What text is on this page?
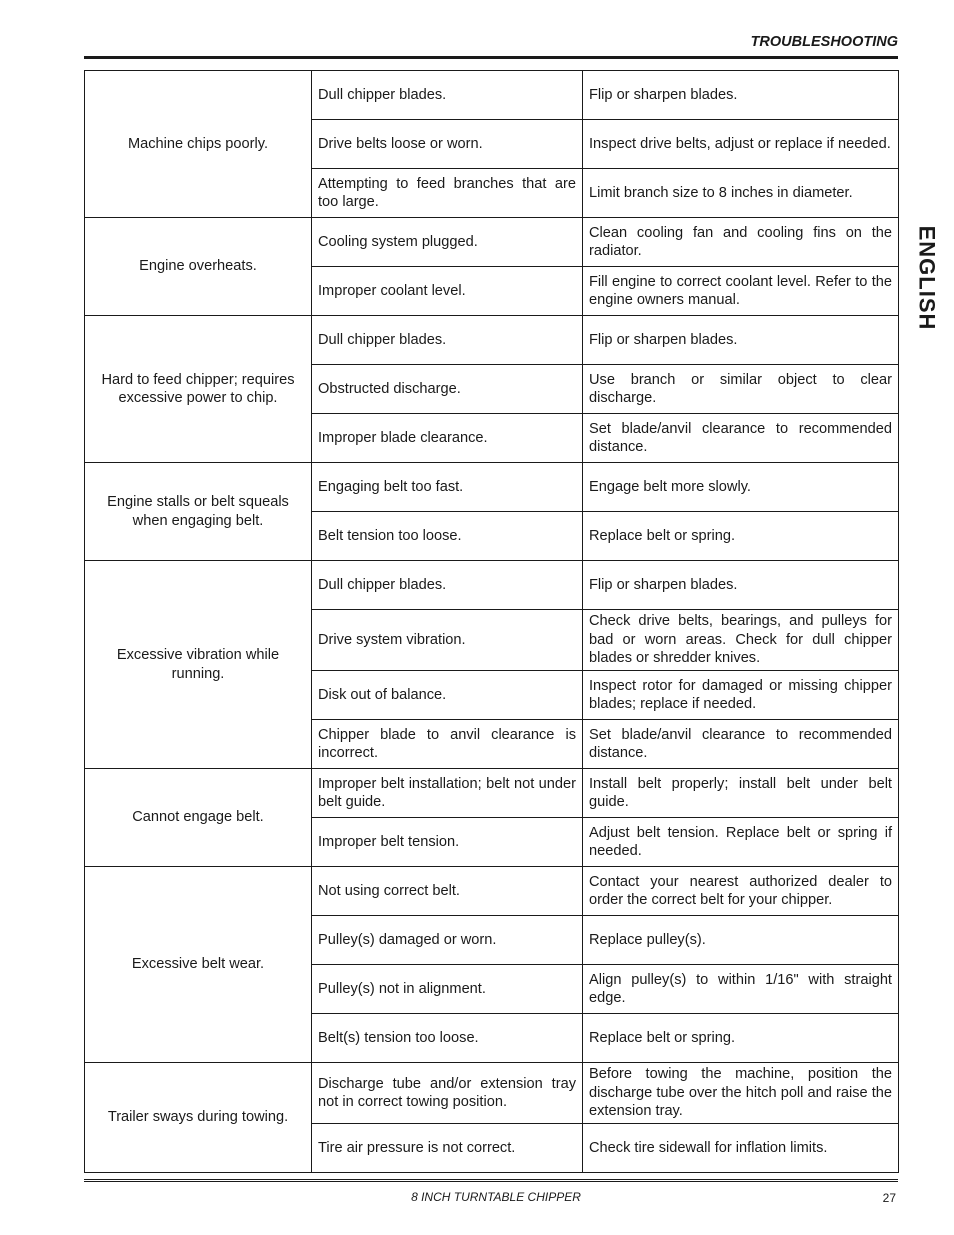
TROUBLESHOOTING
ENGLISH
Machine chips poorly.	Dull chipper blades.	Flip or sharpen blades.
	Drive belts loose or worn.	Inspect drive belts, adjust or replace if needed.
	Attempting to feed branches that are too large.	Limit branch size to 8 inches in diameter.
Engine overheats.	Cooling system plugged.	Clean cooling fan and cooling fins on the radiator.
	Improper coolant level.	Fill engine to correct coolant level. Refer to the engine owners manual.
Hard to feed chipper; requires excessive power to chip.	Dull chipper blades.	Flip or sharpen blades.
	Obstructed discharge.	Use branch or similar object to clear discharge.
	Improper blade clearance.	Set blade/anvil clearance to recommended distance.
Engine stalls or belt squeals when engaging belt.	Engaging belt too fast.	Engage belt more slowly.
	Belt tension too loose.	Replace belt or spring.
Excessive vibration while running.	Dull chipper blades.	Flip or sharpen blades.
	Drive system vibration.	Check drive belts, bearings, and pulleys for bad or worn areas. Check for dull chipper blades or shredder knives.
	Disk out of balance.	Inspect rotor for damaged or missing chipper blades; replace if needed.
	Chipper blade to anvil clearance is incorrect.	Set blade/anvil clearance to recommended distance.
Cannot engage belt.	Improper belt installation; belt not under belt guide.	Install belt properly; install belt under belt guide.
	Improper belt tension.	Adjust belt tension. Replace belt or spring if needed.
Excessive belt wear.	Not using correct belt.	Contact your nearest authorized dealer to order the correct belt for your chipper.
	Pulley(s) damaged or worn.	Replace pulley(s).
	Pulley(s) not in alignment.	Align pulley(s) to within 1/16" with straight edge.
	Belt(s) tension too loose.	Replace belt or spring.
Trailer sways during towing.	Discharge tube and/or extension tray not in correct towing position.	Before towing the machine, position the discharge tube over the hitch poll and raise the extension tray.
	Tire air pressure is not correct.	Check tire sidewall for inflation limits.
8 INCH TURNTABLE CHIPPER	27
